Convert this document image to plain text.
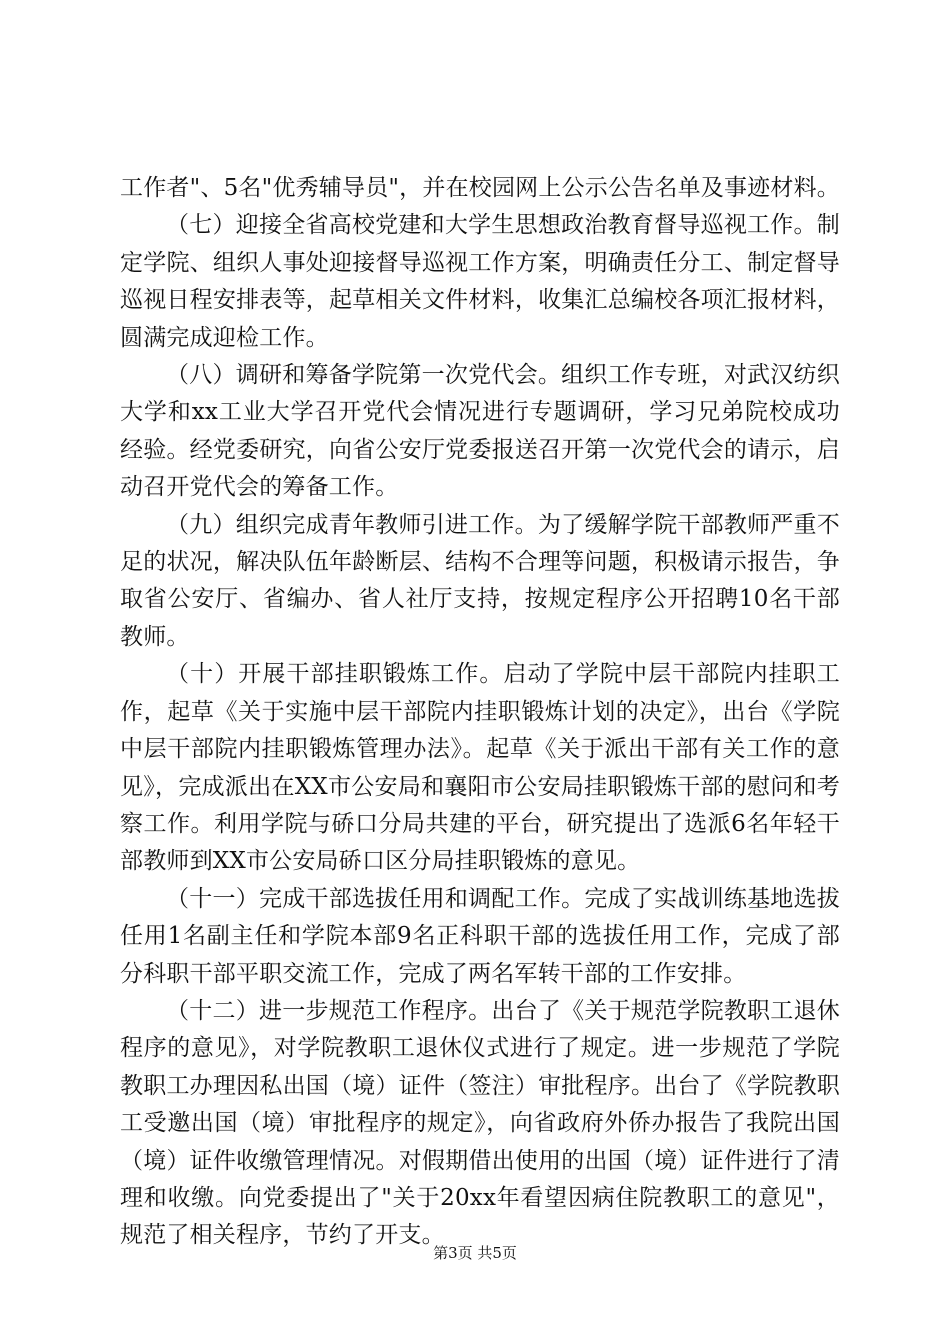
工作者"、5名"优秀辅导员"，并在校园网上公示公告名单及事迹材料。

（七）迎接全省高校党建和大学生思想政治教育督导巡视工作。制定学院、组织人事处迎接督导巡视工作方案，明确责任分工、制定督导巡视日程安排表等，起草相关文件材料，收集汇总编校各项汇报材料，圆满完成迎检工作。

（八）调研和筹备学院第一次党代会。组织工作专班，对武汉纺织大学和xx工业大学召开党代会情况进行专题调研，学习兄弟院校成功经验。经党委研究，向省公安厅党委报送召开第一次党代会的请示，启动召开党代会的筹备工作。

（九）组织完成青年教师引进工作。为了缓解学院干部教师严重不足的状况，解决队伍年龄断层、结构不合理等问题，积极请示报告，争取省公安厅、省编办、省人社厅支持，按规定程序公开招聘10名干部教师。

（十）开展干部挂职锻炼工作。启动了学院中层干部院内挂职工作，起草《关于实施中层干部院内挂职锻炼计划的决定》，出台《学院中层干部院内挂职锻炼管理办法》。起草《关于派出干部有关工作的意见》，完成派出在XX市公安局和襄阳市公安局挂职锻炼干部的慰问和考察工作。利用学院与硚口分局共建的平台，研究提出了选派6名年轻干部教师到XX市公安局硚口区分局挂职锻炼的意见。

（十一）完成干部选拔任用和调配工作。完成了实战训练基地选拔任用1名副主任和学院本部9名正科职干部的选拔任用工作，完成了部分科职干部平职交流工作，完成了两名军转干部的工作安排。

（十二）进一步规范工作程序。出台了《关于规范学院教职工退休程序的意见》，对学院教职工退休仪式进行了规定。进一步规范了学院教职工办理因私出国（境）证件（签注）审批程序。出台了《学院教职工受邀出国（境）审批程序的规定》，向省政府外侨办报告了我院出国（境）证件收缴管理情况。对假期借出使用的出国（境）证件进行了清理和收缴。向党委提出了"关于20xx年看望因病住院教职工的意见"，规范了相关程序，节约了开支。

第3页 共5页
